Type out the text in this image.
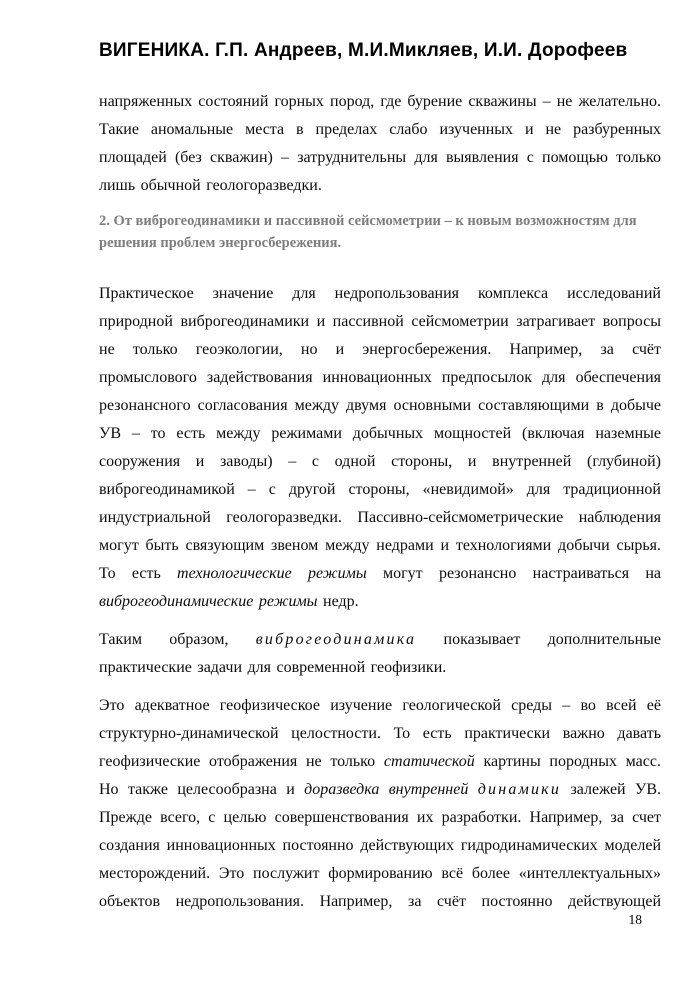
ВИГЕНИКА. Г.П. Андреев, М.И.Микляев, И.И. Дорофеев

напряженных состояний горных пород, где бурение скважины – не желательно. Такие аномальные места в пределах слабо изученных и не разбуренных площадей (без скважин) – затруднительны для выявления с помощью только лишь обычной геологоразведки.

2. От виброгеодинамики и пассивной сейсмометрии – к новым возможностям для решения проблем энергосбережения.

Практическое значение для недропользования комплекса исследований природной виброгеодинамики и пассивной сейсмометрии затрагивает вопросы не только геоэкологии, но и энергосбережения. Например, за счёт промыслового задействования инновационных предпосылок для обеспечения резонансного согласования между двумя основными составляющими в добыче УВ – то есть между режимами добычных мощностей (включая наземные сооружения и заводы) – с одной стороны, и внутренней (глубиной) виброгеодинамикой – с другой стороны, «невидимой» для традиционной индустриальной геологоразведки. Пассивно-сейсмометрические наблюдения могут быть связующим звеном между недрами и технологиями добычи сырья. То есть технологические режимы могут резонансно настраиваться на виброгеодинамические режимы недр.

Таким образом, виброгеодинамика показывает дополнительные практические задачи для современной геофизики.

Это адекватное геофизическое изучение геологической среды – во всей её структурно-динамической целостности. То есть практически важно давать геофизические отображения не только статической картины породных масс. Но также целесообразна и доразведка внутренней динамики залежей УВ. Прежде всего, с целью совершенствования их разработки. Например, за счет создания инновационных постоянно действующих гидродинамических моделей месторождений. Это послужит формированию всё более «интеллектуальных» объектов недропользования. Например, за счёт постоянно действующей

18
